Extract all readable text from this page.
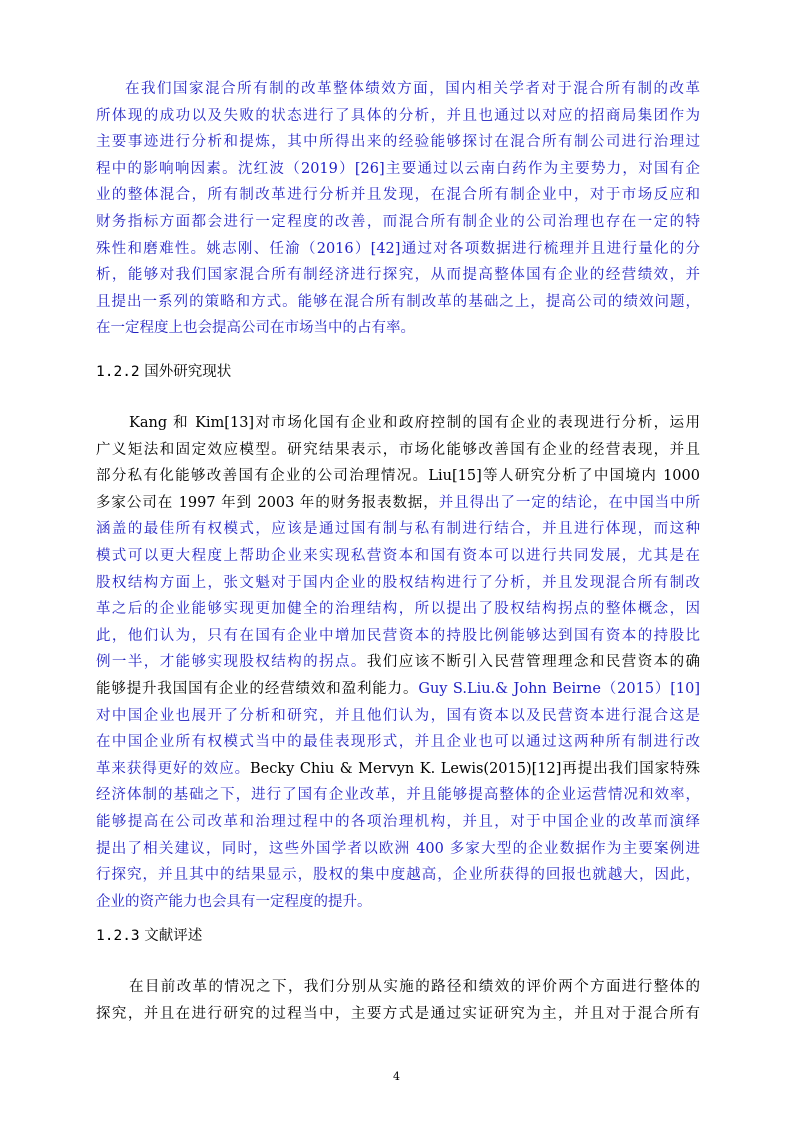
在我们国家混合所有制的改革整体绩效方面，国内相关学者对于混合所有制的改革
所体现的成功以及失败的状态进行了具体的分析，并且也通过以对应的招商局集团作为
主要事迹进行分析和提炼，其中所得出来的经验能够探讨在混合所有制公司进行治理过
程中的影响响因素。沈红波（2019）[26]主要通过以云南白药作为主要势力，对国有企
业的整体混合，所有制改革进行分析并且发现，在混合所有制企业中，对于市场反应和
财务指标方面都会进行一定程度的改善，而混合所有制企业的公司治理也存在一定的特
殊性和磨难性。姚志刚、任渝（2016）[42]通过对各项数据进行梳理并且进行量化的分
析，能够对我们国家混合所有制经济进行探究，从而提高整体国有企业的经营绩效，并
且提出一系列的策略和方式。能够在混合所有制改革的基础之上，提高公司的绩效问题，
在一定程度上也会提高公司在市场当中的占有率。
1.2.2 国外研究现状
Kang 和 Kim[13]对市场化国有企业和政府控制的国有企业的表现进行分析，运用
广义矩法和固定效应模型。研究结果表示，市场化能够改善国有企业的经营表现，并且
部分私有化能够改善国有企业的公司治理情况。Liu[15]等人研究分析了中国境内 1000
多家公司在 1997 年到 2003 年的财务报表数据，并且得出了一定的结论，在中国当中所
涵盖的最佳所有权模式，应该是通过国有制与私有制进行结合，并且进行体现，而这种
模式可以更大程度上帮助企业来实现私营资本和国有资本可以进行共同发展，尤其是在
股权结构方面上，张文魁对于国内企业的股权结构进行了分析，并且发现混合所有制改
革之后的企业能够实现更加健全的治理结构，所以提出了股权结构拐点的整体概念，因
此，他们认为，只有在国有企业中增加民营资本的持股比例能够达到国有资本的持股比
例一半，才能够实现股权结构的拐点。我们应该不断引入民营管理理念和民营资本的确
能够提升我国国有企业的经营绩效和盈利能力。Guy S.Liu.& John Beirne（2015）[10]
对中国企业也展开了分析和研究，并且他们认为，国有资本以及民营资本进行混合这是
在中国企业所有权模式当中的最佳表现形式，并且企业也可以通过这两种所有制进行改
革来获得更好的效应。Becky Chiu & Mervyn K. Lewis(2015)[12]再提出我们国家特殊
经济体制的基础之下，进行了国有企业改革，并且能够提高整体的企业运营情况和效率，
能够提高在公司改革和治理过程中的各项治理机构，并且，对于中国企业的改革而演绎
提出了相关建议，同时，这些外国学者以欧洲 400 多家大型的企业数据作为主要案例进
行探究，并且其中的结果显示，股权的集中度越高，企业所获得的回报也就越大，因此，
企业的资产能力也会具有一定程度的提升。
1.2.3 文献评述
在目前改革的情况之下，我们分别从实施的路径和绩效的评价两个方面进行整体的
探究，并且在进行研究的过程当中，主要方式是通过实证研究为主，并且对于混合所有
4
